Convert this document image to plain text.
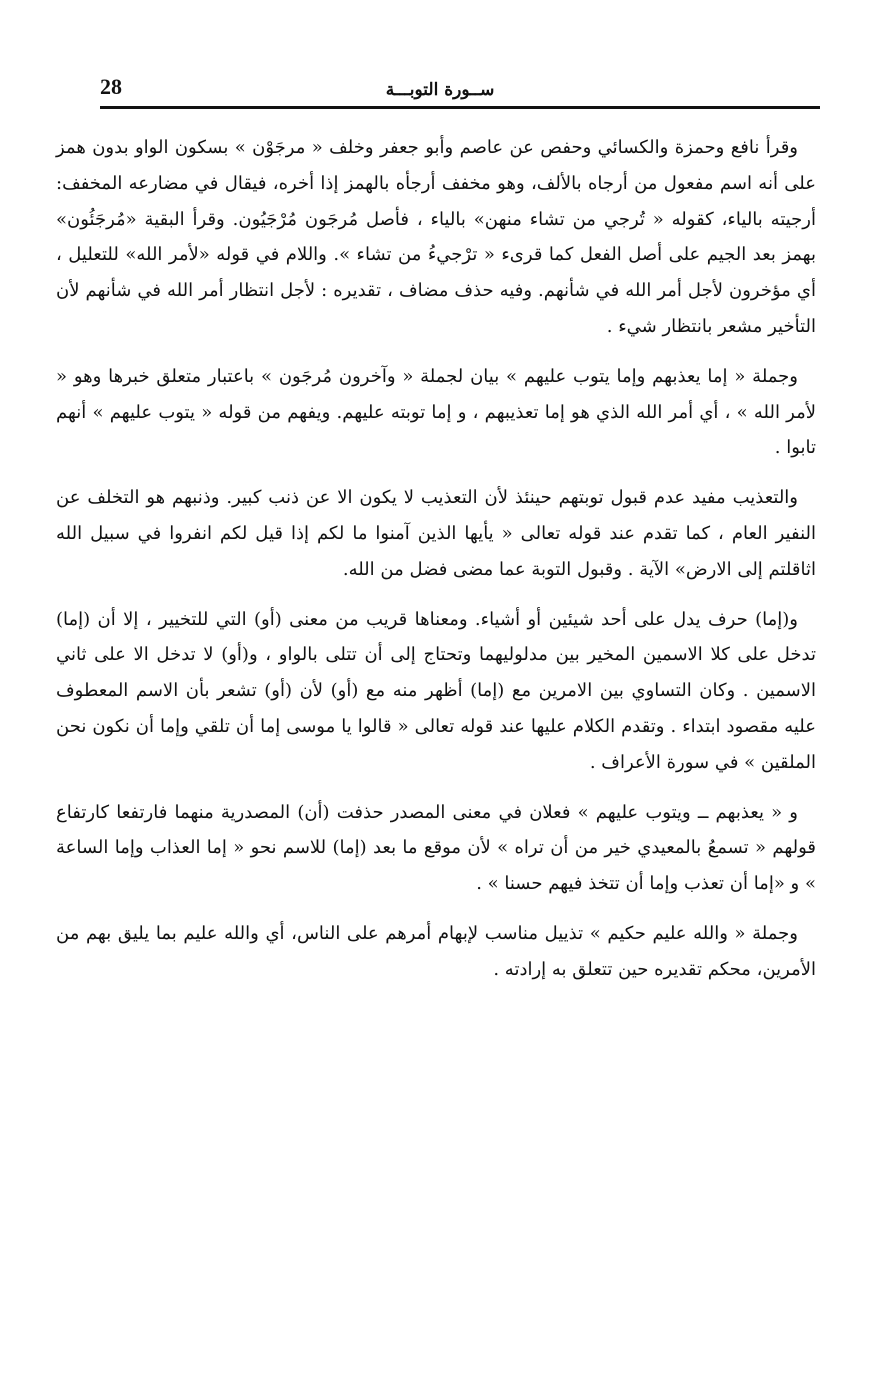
28	ســورة التوبـــة

وقرأ نافع وحمزة والكسائي وحفص عن عاصم وأبو جعفر وخلف « مرجَوْن » بسكون الواو بدون همز على أنه اسم مفعول من أرجاه بالألف، وهو مخفف أرجأه بالهمز إذا أخره، فيقال في مضارعه المخفف: أرجيته بالياء، كقوله « تُرجي من تشاء منهن» بالياء ، فأصل مُرجَون مُرْجَيُون. وقرأ البقية «مُرجَئُون» بهمز بعد الجيم على أصل الفعل كما قرىء « ترْجيءُ من تشاء ». واللام في قوله «لأمر الله» للتعليل ، أي مؤخرون لأجل أمر الله في شأنهم. وفيه حذف مضاف ، تقديره : لأجل انتظار أمر الله في شأنهم لأن التأخير مشعر بانتظار شيء .

وجملة « إما يعذبهم وإما يتوب عليهم » بيان لجملة « وآخرون مُرجَون » باعتبار متعلق خبرها وهو « لأمر الله » ، أي أمر الله الذي هو إما تعذيبهم ، و إما توبته عليهم. ويفهم من قوله « يتوب عليهم » أنهم تابوا .

والتعذيب مفيد عدم قبول توبتهم حينئذ لأن التعذيب لا يكون الا عن ذنب كبير. وذنبهم هو التخلف عن النفير العام ، كما تقدم عند قوله تعالى « يأيها الذين آمنوا ما لكم إذا قيل لكم انفروا في سبيل الله اثاقلتم إلى الارض» الآية . وقبول التوبة عما مضى فضل من الله.

و(إما) حرف يدل على أحد شيئين أو أشياء. ومعناها قريب من معنى (أو) التي للتخيير ، إلا أن (إما) تدخل على كلا الاسمين المخير بين مدلوليهما وتحتاج إلى أن تتلى بالواو ، و(أو) لا تدخل الا على ثاني الاسمين . وكان التساوي بين الامرين مع (إما) أظهر منه مع (أو) لأن (أو) تشعر بأن الاسم المعطوف عليه مقصود ابتداء . وتقدم الكلام عليها عند قوله تعالى « قالوا يا موسى إما أن تلقي وإما أن نكون نحن الملقين » في سورة الأعراف .

و « يعذبهم ــ ويتوب عليهم » فعلان في معنى المصدر حذفت (أن) المصدرية منهما فارتفعا كارتفاع قولهم « تسمعُ بالمعيدي خير من أن تراه » لأن موقع ما بعد (إما) للاسم نحو « إما العذاب وإما الساعة » و «إما أن تعذب وإما أن تتخذ فيهم حسنا » .

وجملة « والله عليم حكيم » تذييل مناسب لإبهام أمرهم على الناس، أي والله عليم بما يليق بهم من الأمرين، محكم تقديره حين تتعلق به إرادته .
